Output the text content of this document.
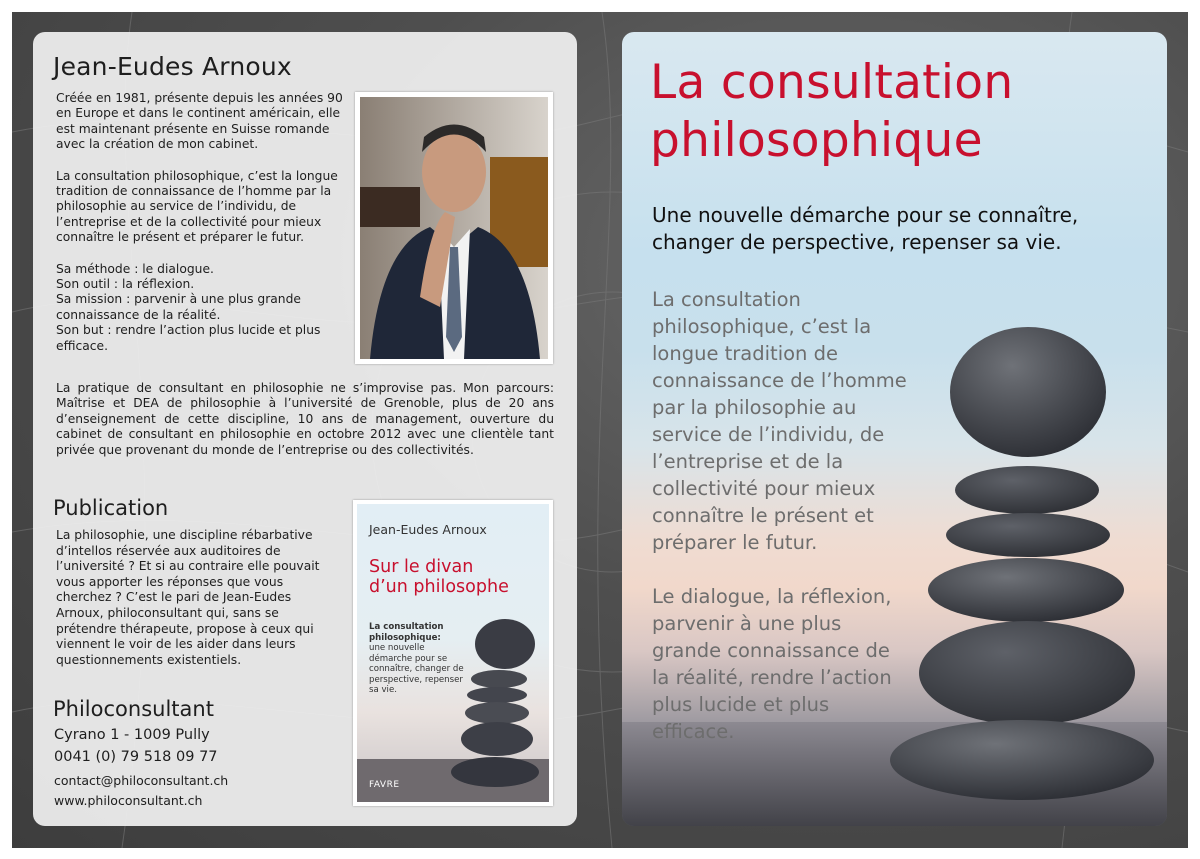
Jean-Eudes Arnoux

Créée en 1981, présente depuis les années 90
en Europe et dans le continent américain, elle
est maintenant présente en Suisse romande
avec la création de mon cabinet.

La consultation philosophique, c’est la longue
tradition de connaissance de l’homme par la
philosophie au service de l’individu, de
l’entreprise et de la collectivité pour mieux
connaître le présent et préparer le futur.

Sa méthode : le dialogue.
Son outil : la réflexion.
Sa mission : parvenir à une plus grande
connaissance de la réalité.
Son but : rendre l’action plus lucide et plus
efficace.

La pratique de consultant en philosophie ne s’improvise pas. Mon parcours: Maîtrise et DEA de philosophie à l’université de Grenoble, plus de 20 ans d’enseignement de cette discipline, 10 ans de management, ouverture du cabinet de consultant en philosophie en octobre 2012 avec une clientèle tant privée que provenant du monde de l’entreprise ou des collectivités.
Publication
La philosophie, une discipline rébarbative
d’intellos réservée aux auditoires de
l’université ? Et si au contraire elle pouvait
vous apporter les réponses que vous
cherchez ? C’est le pari de Jean-Eudes
Arnoux, philoconsultant qui, sans se
prétendre thérapeute, propose à ceux qui
viennent le voir de les aider dans leurs
questionnements existentiels.
Philoconsultant
Cyrano 1 - 1009 Pully
0041 (0) 79 518 09 77
contact@philoconsultant.ch
www.philoconsultant.ch
Jean-Eudes Arnoux
Sur le divan
d’un philosophe
La consultation philosophique:
une nouvelle démarche pour se connaître, changer de perspective, repenser sa vie.
FAVRE
La consultation
philosophique
Une nouvelle démarche pour se connaître,
changer de perspective, repenser sa vie.

La consultation
philosophique, c’est la
longue tradition de
connaissance de l’homme
par la philosophie au
service de l’individu, de
l’entreprise et de la
collectivité pour mieux
connaître le présent et
préparer le futur.

Le dialogue, la réflexion,
parvenir à une plus
grande connaissance de
la réalité, rendre l’action
plus lucide et plus
efficace.
